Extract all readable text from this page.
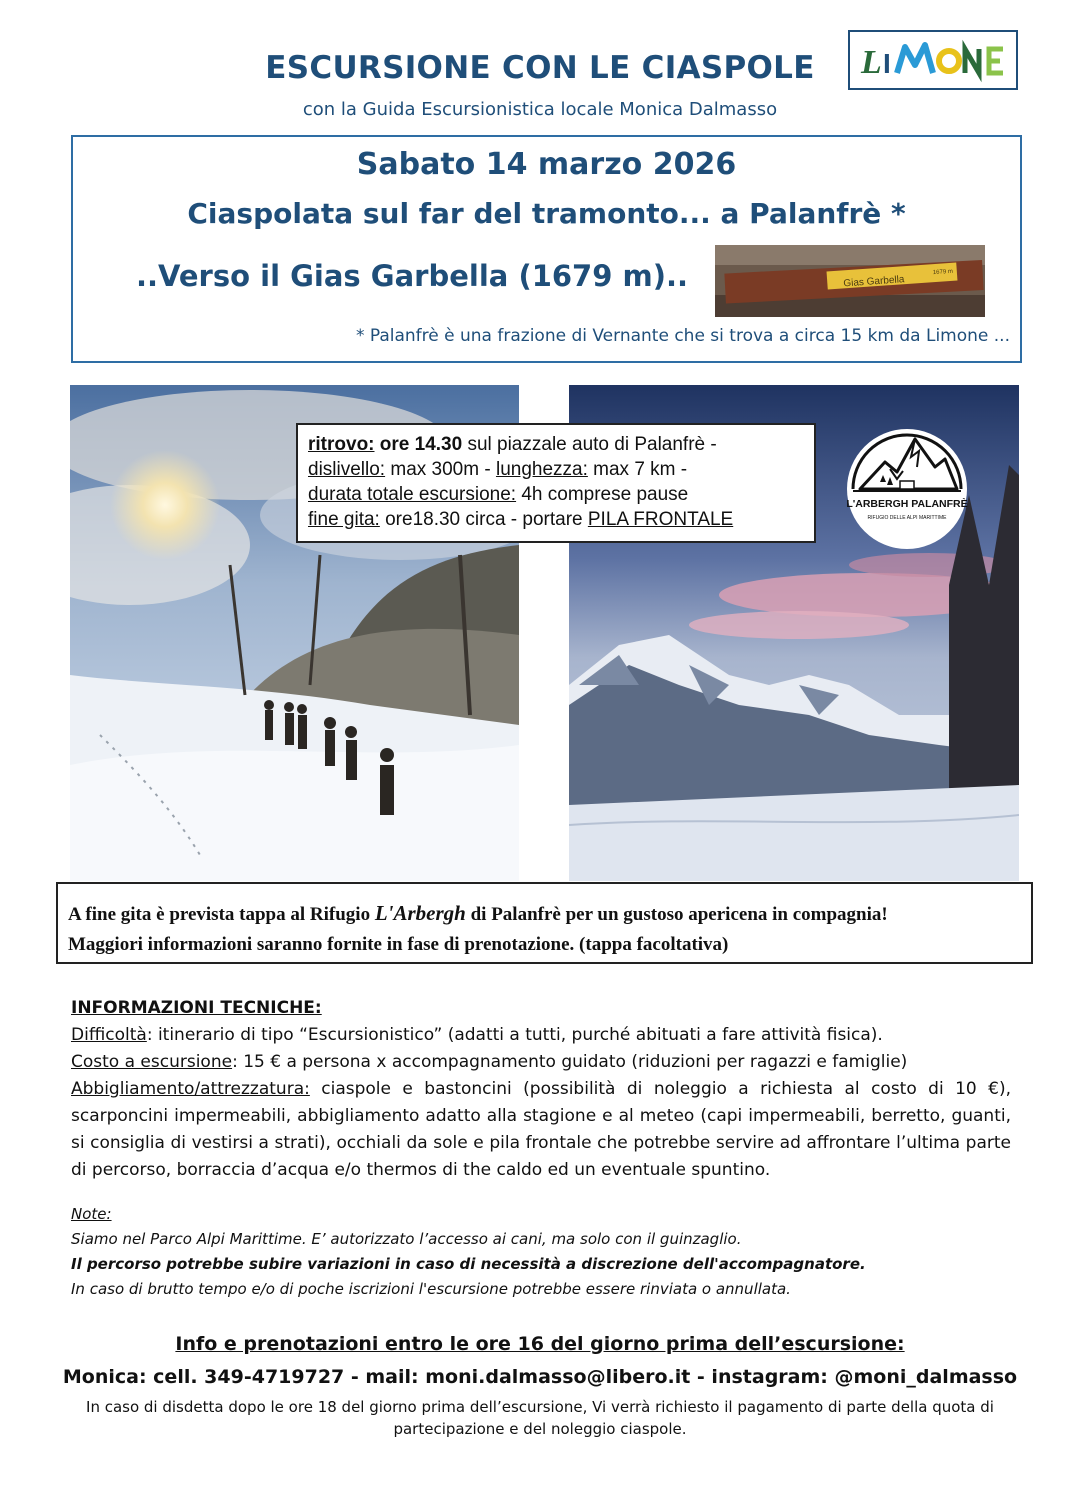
ESCURSIONE CON LE CIASPOLE
con la Guida Escursionistica locale Monica Dalmasso
L I
Sabato 14 marzo 2026
Ciaspolata sul far del tramonto... a Palanfrè *
..Verso il Gias Garbella (1679 m)..	Gias Garbella
1679 m
* Palanfrè è una frazione di Vernante che si trova a circa 15 km da Limone ...
ritrovo: ore 14.30 sul piazzale auto di Palanfrè -
dislivello: max 300m - lunghezza: max 7 km -
durata totale escursione: 4h comprese pause
fine gita: ore18.30 circa - portare PILA FRONTALE
L'ARBERGH PALANFRÈ
RIFUGIO DELLE ALPI MARITTIME
A fine gita è prevista tappa al Rifugio L'Arbergh di Palanfrè per un gustoso apericena in compagnia!
Maggiori informazioni saranno fornite in fase di prenotazione. (tappa facoltativa)
INFORMAZIONI TECNICHE:

Difficoltà: itinerario di tipo “Escursionistico” (adatti a tutti, purché abituati a fare attività fisica).

Costo a escursione: 15 € a persona x accompagnamento guidato (riduzioni per ragazzi e famiglie)

Abbigliamento/attrezzatura: ciaspole e bastoncini (possibilità di noleggio a richiesta al costo di 10 €), scarponcini impermeabili, abbigliamento adatto alla stagione e al meteo (capi impermeabili, berretto, guanti, si consiglia di vestirsi a strati), occhiali da sole e pila frontale che potrebbe servire ad affrontare l’ultima parte di percorso, borraccia d’acqua e/o thermos di the caldo ed un eventuale spuntino.

Note:
Siamo nel Parco Alpi Marittime. E’ autorizzato l’accesso ai cani, ma solo con il guinzaglio.
Il percorso potrebbe subire variazioni in caso di necessità a discrezione dell'accompagnatore.
In caso di brutto tempo e/o di poche iscrizioni l'escursione potrebbe essere rinviata o annullata.
Info e prenotazioni entro le ore 16 del giorno prima dell’escursione:
Monica: cell. 349-4719727 - mail: moni.dalmasso@libero.it - instagram: @moni_dalmasso
In caso di disdetta dopo le ore 18 del giorno prima dell’escursione, Vi verrà richiesto il pagamento di parte della quota di partecipazione e del noleggio ciaspole.
